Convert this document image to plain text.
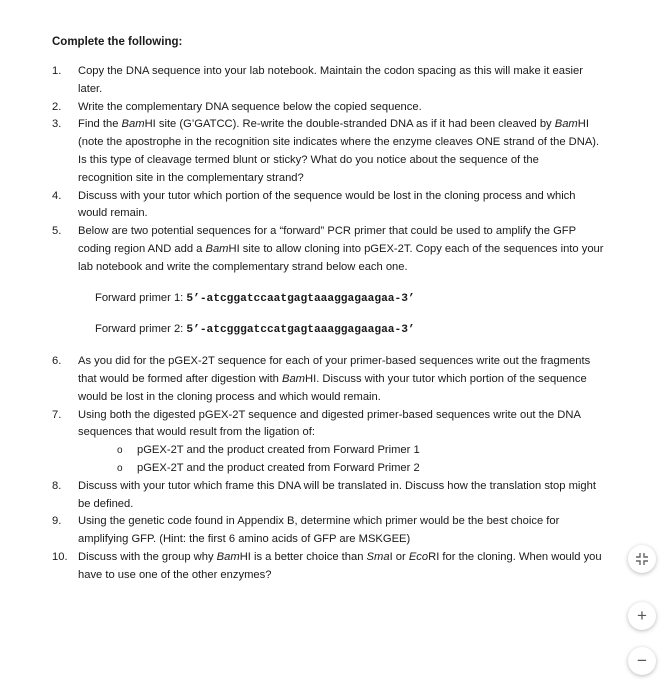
Complete the following:
1.	Copy the DNA sequence into your lab notebook. Maintain the codon spacing as this will make it easier
later.
2.	Write the complementary DNA sequence below the copied sequence.
3.	Find the BamHI site (G’GATCC). Re-write the double-stranded DNA as if it had been cleaved by BamHI
(note the apostrophe in the recognition site indicates where the enzyme cleaves ONE strand of the DNA).
Is this type of cleavage termed blunt or sticky? What do you notice about the sequence of the
recognition site in the complementary strand?
4.	Discuss with your tutor which portion of the sequence would be lost in the cloning process and which
would remain.
5.	Below are two potential sequences for a “forward” PCR primer that could be used to amplify the GFP
coding region AND add a BamHI site to allow cloning into pGEX-2T. Copy each of the sequences into your
lab notebook and write the complementary strand below each one.
Forward primer 1: 5’-atcggatccaatgagtaaaggagaagaa-3’
Forward primer 2: 5’-atcgggatccatgagtaaaggagaagaa-3’
6.	As you did for the pGEX-2T sequence for each of your primer-based sequences write out the fragments
that would be formed after digestion with BamHI. Discuss with your tutor which portion of the sequence
would be lost in the cloning process and which would remain.
7.	Using both the digested pGEX-2T sequence and digested primer-based sequences write out the DNA
sequences that would result from the ligation of:
o pGEX-2T and the product created from Forward Primer 1
o pGEX-2T and the product created from Forward Primer 2
8.	Discuss with your tutor which frame this DNA will be translated in. Discuss how the translation stop might
be defined.
9.	Using the genetic code found in Appendix B, determine which primer would be the best choice for
amplifying GFP. (Hint: the first 6 amino acids of GFP are MSKGEE)
10. Discuss with the group why BamHI is a better choice than SmaI or EcoRI for the cloning. When would you
have to use one of the other enzymes?
+
−
